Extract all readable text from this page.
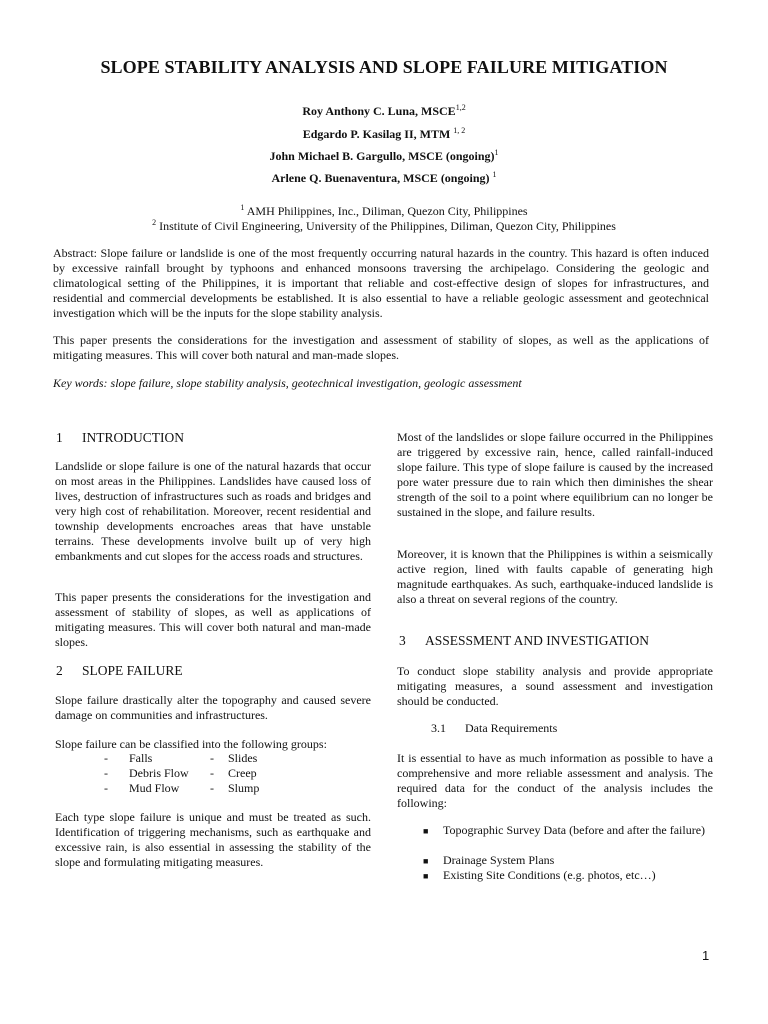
SLOPE STABILITY ANALYSIS AND SLOPE FAILURE MITIGATION
Roy Anthony C. Luna, MSCE$^{1,2}$
Edgardo P. Kasilag II, MTM $^{1, 2}$
John Michael B. Gargullo, MSCE (ongoing)$^1$
Arlene Q. Buenaventura, MSCE (ongoing) $^1$
$^1$ AMH Philippines, Inc., Diliman, Quezon City, Philippines
$^2$ Institute of Civil Engineering, University of the Philippines, Diliman, Quezon City, Philippines
Abstract: Slope failure or landslide is one of the most frequently occurring natural hazards in the country. This hazard is often induced by excessive rainfall brought by typhoons and enhanced monsoons traversing the archipelago. Considering the geologic and climatological setting of the Philippines, it is important that reliable and cost-effective design of slopes for infrastructures, and residential and commercial developments be established. It is also essential to have a reliable geologic assessment and geotechnical investigation which will be the inputs for the slope stability analysis.
This paper presents the considerations for the investigation and assessment of stability of slopes, as well as the applications of mitigating measures. This will cover both natural and man-made slopes.
Key words: slope failure, slope stability analysis, geotechnical investigation, geologic assessment
1 INTRODUCTION
Landslide or slope failure is one of the natural hazards that occur on most areas in the Philippines. Landslides have caused loss of lives, destruction of infrastructures such as roads and bridges and very high cost of rehabilitation. Moreover, recent residential and township developments encroaches areas that have unstable terrains. These developments involve built up of very high embankments and cut slopes for the access roads and structures.
This paper presents the considerations for the investigation and assessment of stability of slopes, as well as applications of mitigating measures. This will cover both natural and man-made slopes.
2 SLOPE FAILURE
Slope failure drastically alter the topography and caused severe damage on communities and infrastructures.
Slope failure can be classified into the following groups:
- Falls	- Slides
- Debris Flow - Creep
- Mud Flow	- Slump
Each type slope failure is unique and must be treated as such. Identification of triggering mechanisms, such as earthquake and excessive rain, is also essential in assessing the stability of the slope and formulating mitigating measures.
Most of the landslides or slope failure occurred in the Philippines are triggered by excessive rain, hence, called rainfall-induced slope failure. This type of slope failure is caused by the increased pore water pressure due to rain which then diminishes the shear strength of the soil to a point where equilibrium can no longer be sustained in the slope, and failure results.
Moreover, it is known that the Philippines is within a seismically active region, lined with faults capable of generating high magnitude earthquakes. As such, earthquake-induced landslide is also a threat on several regions of the country.
3 ASSESSMENT AND INVESTIGATION
To conduct slope stability analysis and provide appropriate mitigating measures, a sound assessment and investigation should be conducted.
3.1 Data Requirements
It is essential to have as much information as possible to have a comprehensive and more reliable assessment and analysis. The required data for the conduct of the analysis includes the following:
■ Topographic Survey Data (before and after the failure)
■ Drainage System Plans
■ Existing Site Conditions (e.g. photos, etc…)
1
